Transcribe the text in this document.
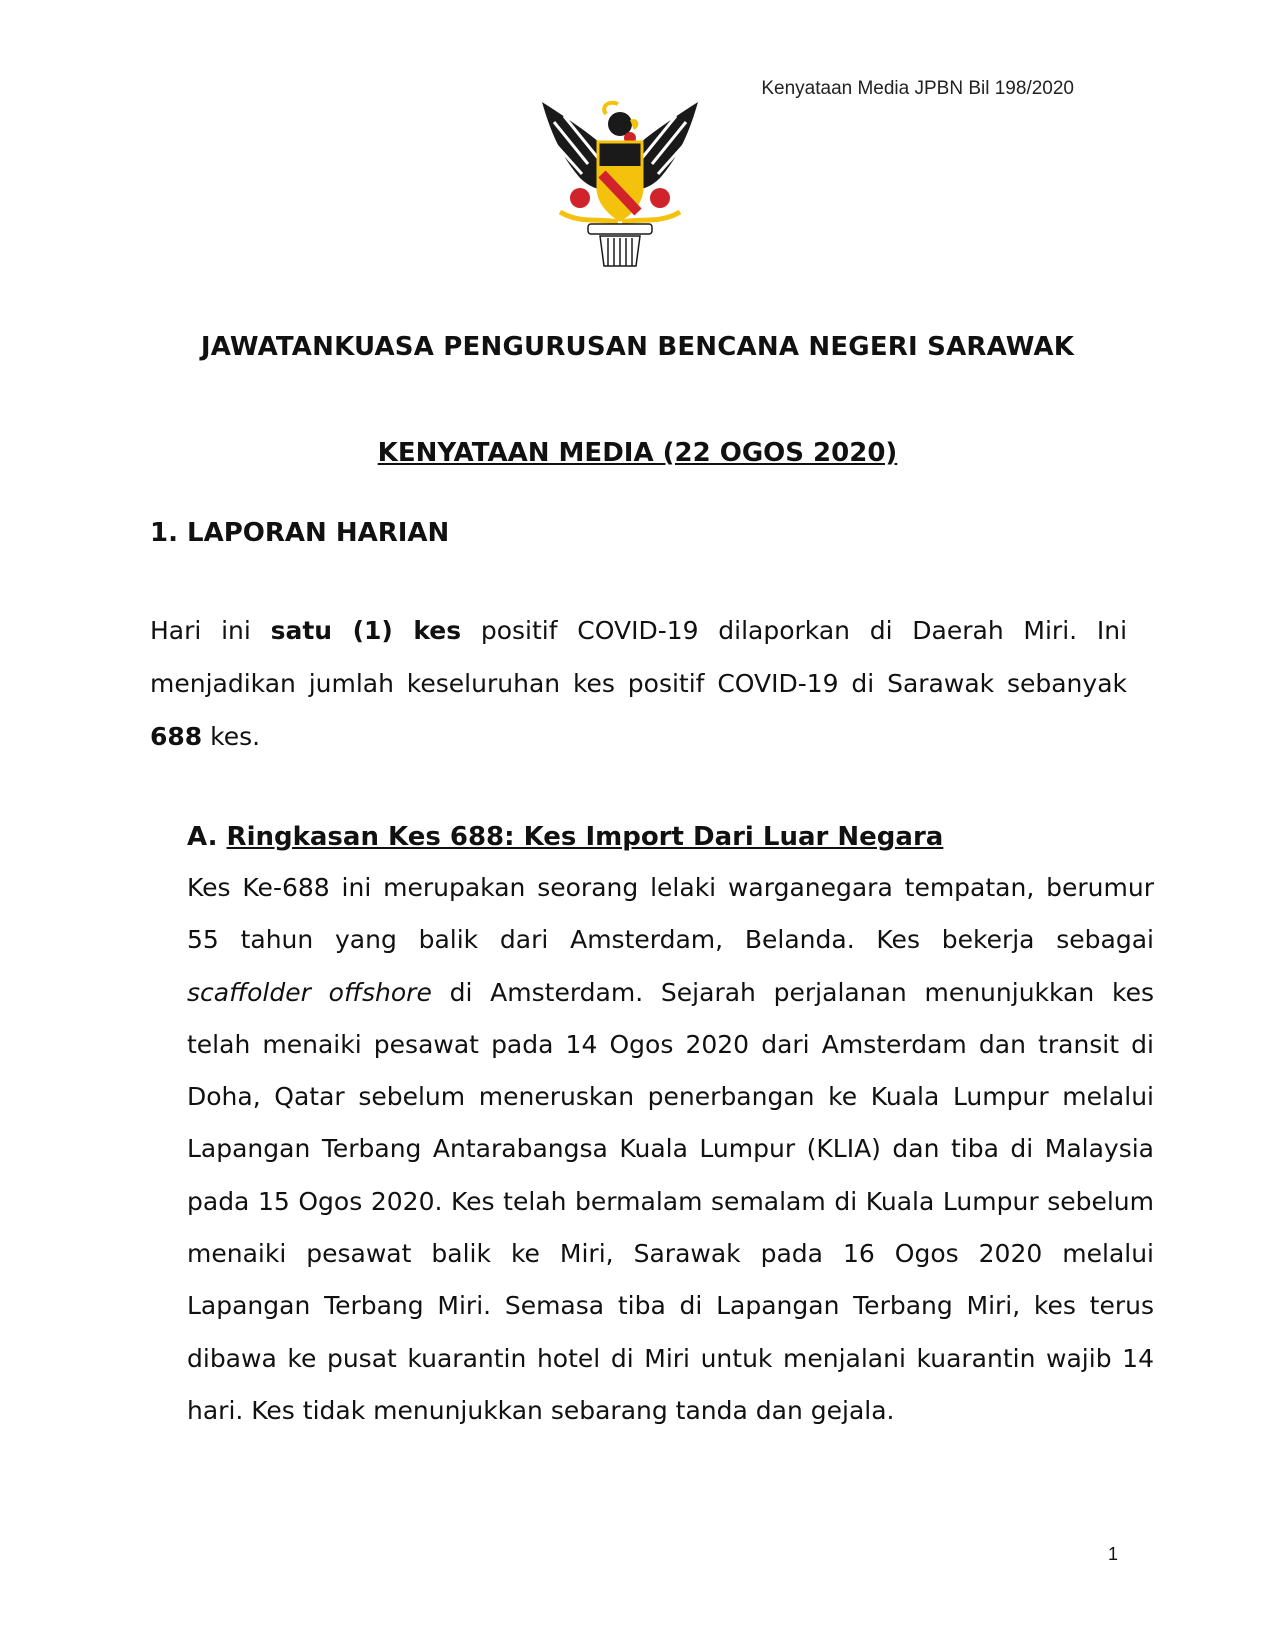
Kenyataan Media JPBN Bil 198/2020
JAWATANKUASA PENGURUSAN BENCANA NEGERI SARAWAK
KENYATAAN MEDIA (22 OGOS 2020)
1. LAPORAN HARIAN
Hari ini satu (1) kes positif COVID-19 dilaporkan di Daerah Miri. Ini
menjadikan jumlah keseluruhan kes positif COVID-19 di Sarawak sebanyak
688 kes.
A. Ringkasan Kes 688: Kes Import Dari Luar Negara
Kes Ke-688 ini merupakan seorang lelaki warganegara tempatan, berumur
55 tahun yang balik dari Amsterdam, Belanda. Kes bekerja sebagai
scaffolder offshore di Amsterdam. Sejarah perjalanan menunjukkan kes
telah menaiki pesawat pada 14 Ogos 2020 dari Amsterdam dan transit di
Doha, Qatar sebelum meneruskan penerbangan ke Kuala Lumpur melalui
Lapangan Terbang Antarabangsa Kuala Lumpur (KLIA) dan tiba di Malaysia
pada 15 Ogos 2020. Kes telah bermalam semalam di Kuala Lumpur sebelum
menaiki pesawat balik ke Miri, Sarawak pada 16 Ogos 2020 melalui
Lapangan Terbang Miri. Semasa tiba di Lapangan Terbang Miri, kes terus
dibawa ke pusat kuarantin hotel di Miri untuk menjalani kuarantin wajib 14
hari. Kes tidak menunjukkan sebarang tanda dan gejala.
1
